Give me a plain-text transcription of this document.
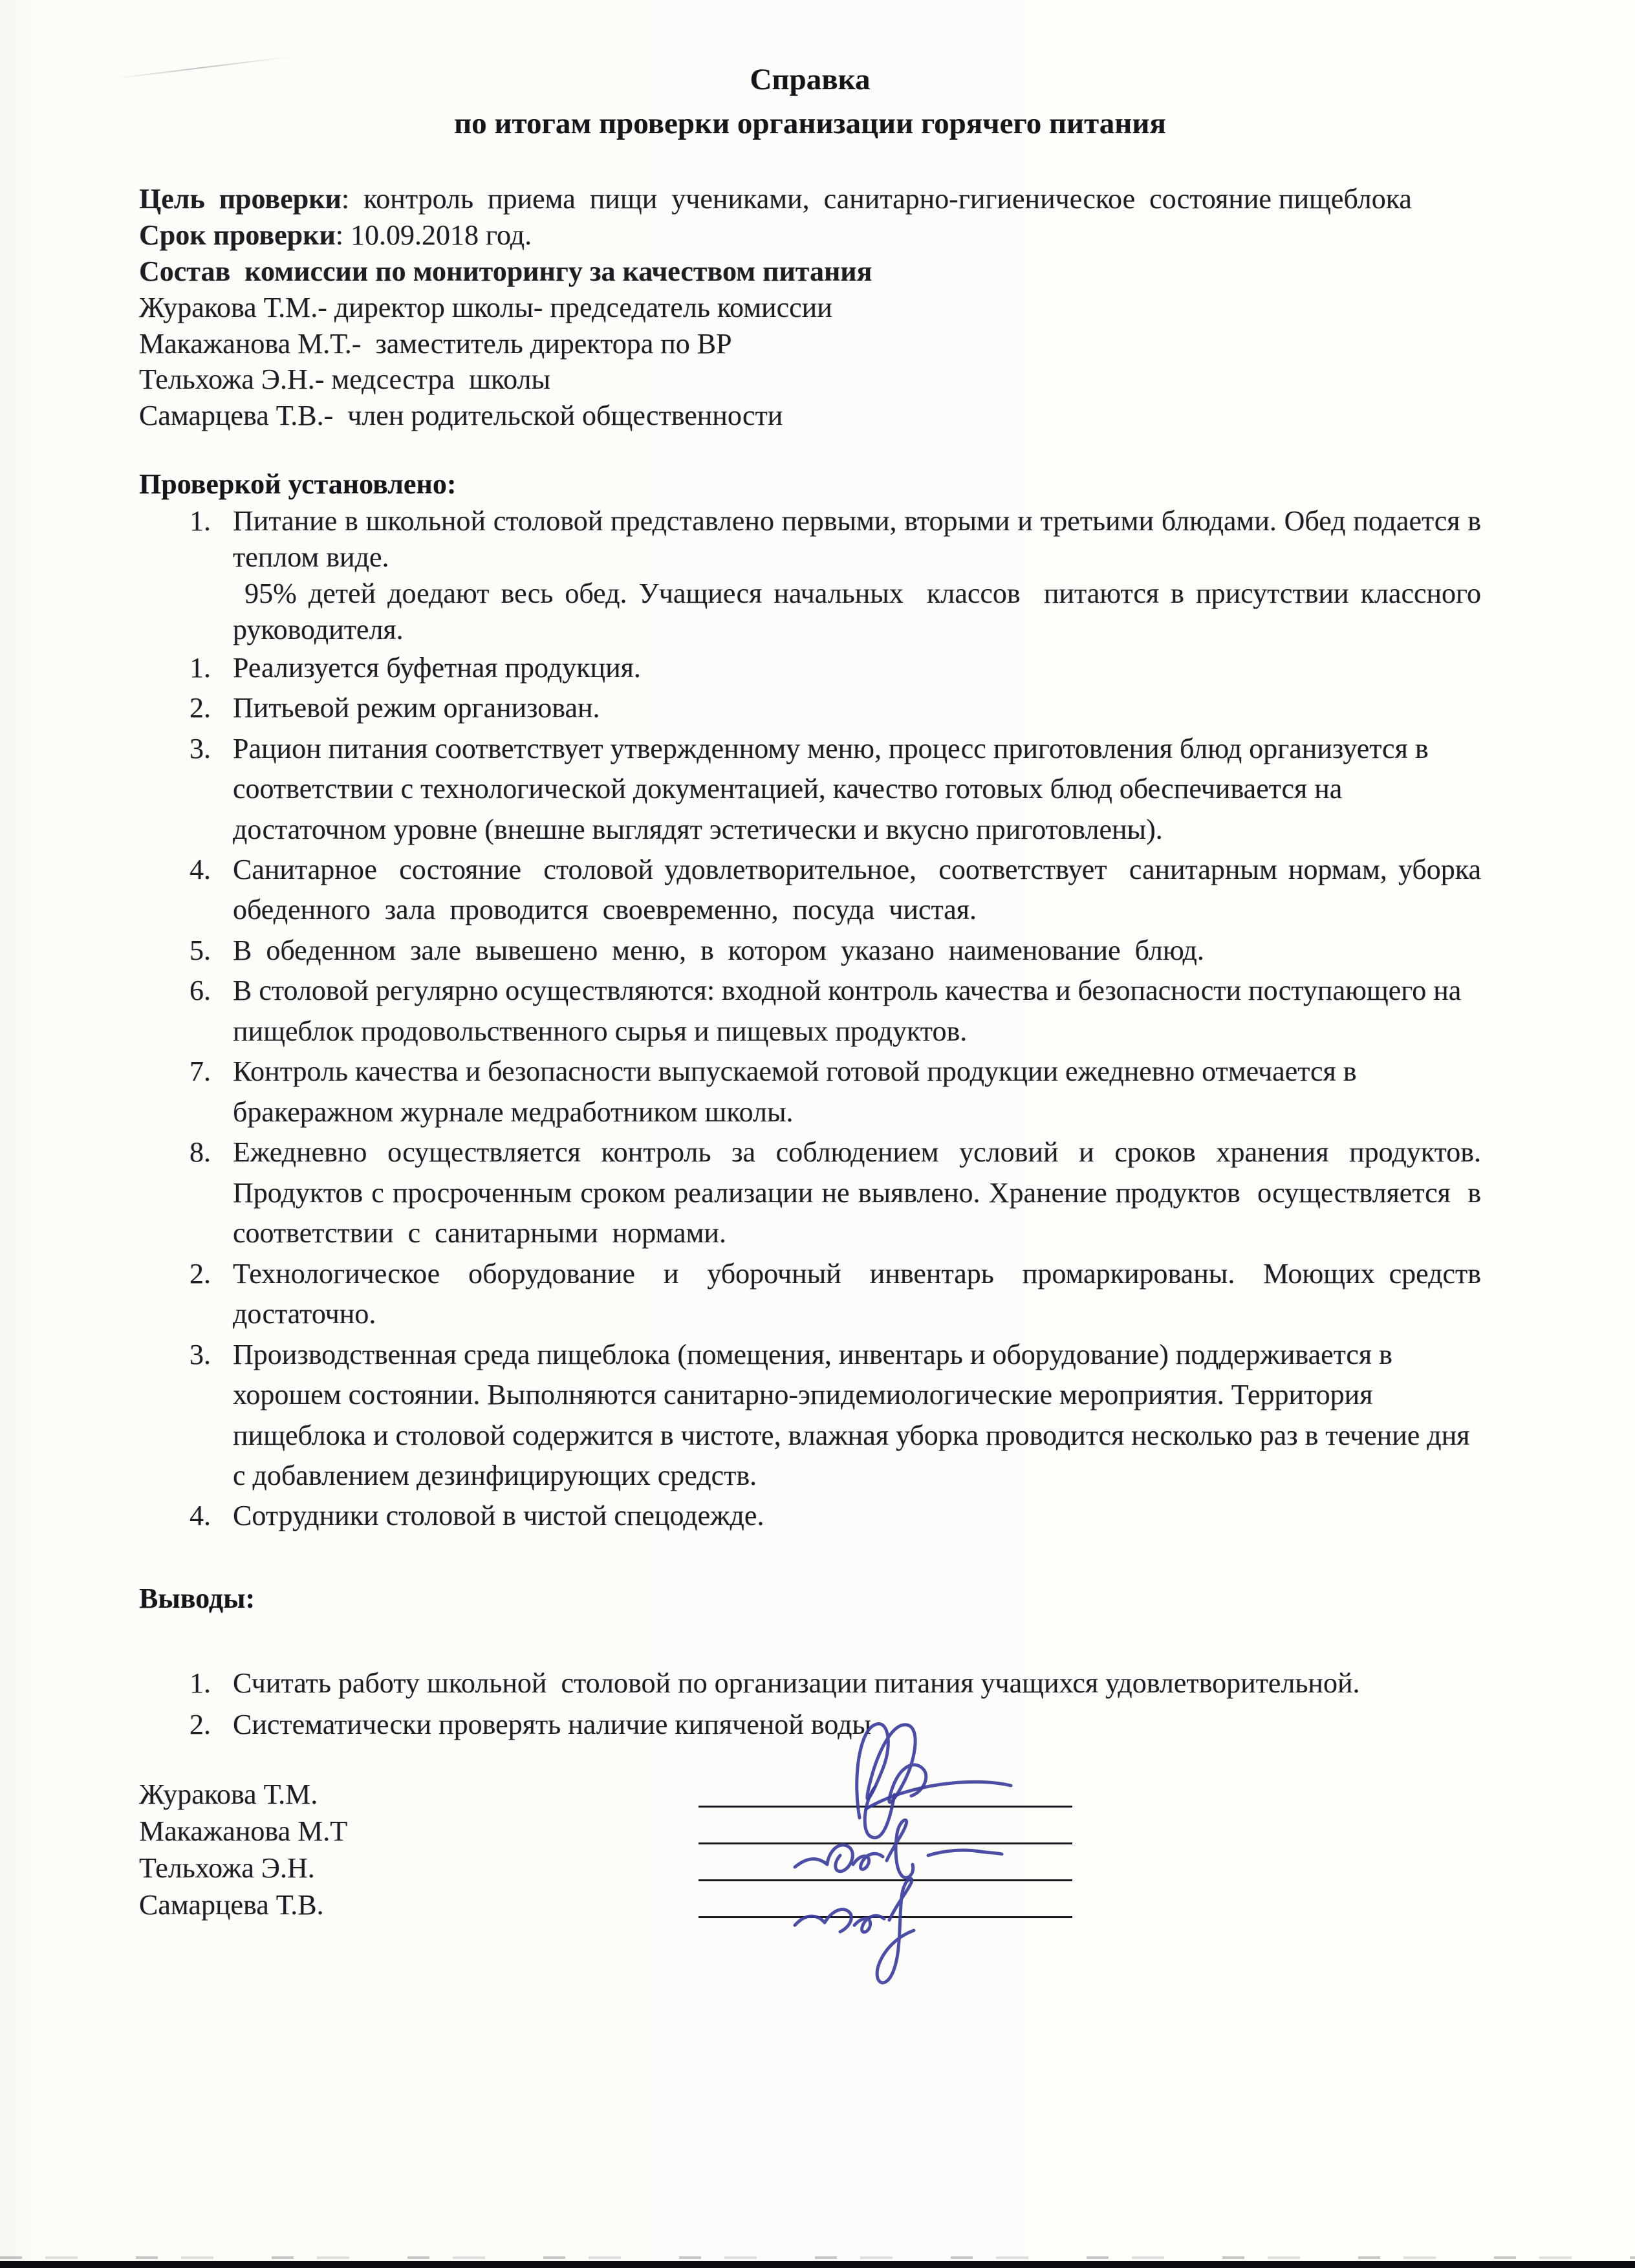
Справка
по итогам проверки организации горячего питания

Цель  проверки:  контроль  приема  пищи  учениками,  санитарно-гигиеническое  состояние пищеблока

Срок проверки: 10.09.2018 год.

Состав  комиссии по мониторингу за качеством питания

Журакова Т.М.- директор школы- председатель комиссии

Макажанова М.Т.-  заместитель директора по ВР

Тельхожа Э.Н.- медсестра  школы

Самарцева Т.В.-  член родительской общественности

Проверкой установлено:

1. Питание в школьной столовой представлено первыми, вторыми и третьими блюдами. Обед подается в теплом виде.

95% детей доедают весь обед. Учащиеся начальных  классов  питаются в присутствии классного руководителя.

1. Реализуется буфетная продукция.

2. Питьевой режим организован.

3. Рацион питания соответствует утвержденному меню, процесс приготовления блюд организуется в соответствии с технологической документацией, качество готовых блюд обеспечивается на достаточном уровне (внешне выглядят эстетически и вкусно приготовлены).

4. Санитарное  состояние  столовой удовлетворительное,  соответствует  санитарным нормам, уборка  обеденного  зала  проводится  своевременно,  посуда  чистая.

5. В  обеденном  зале  вывешено  меню,  в  котором  указано  наименование  блюд.

6. В столовой регулярно осуществляются: входной контроль качества и безопасности поступающего на пищеблок продовольственного сырья и пищевых продуктов.

7. Контроль качества и безопасности выпускаемой готовой продукции ежедневно отмечается в бракеражном журнале медработником школы.

8. Ежедневно осуществляется контроль за соблюдением условий и сроков хранения продуктов.  Продуктов с просроченным сроком реализации не выявлено. Хранение продуктов  осуществляется  в  соответствии  с  санитарными  нормами.

2. Технологическое  оборудование  и  уборочный  инвентарь  промаркированы.  Моющих средств  достаточно.

3. Производственная среда пищеблока (помещения, инвентарь и оборудование) поддерживается в хорошем состоянии. Выполняются санитарно-эпидемиологические мероприятия. Территория пищеблока и столовой содержится в чистоте, влажная уборка проводится несколько раз в течение дня с добавлением дезинфицирующих средств.

4. Сотрудники столовой в чистой спецодежде.

Выводы:

1. Считать работу школьной  столовой по организации питания учащихся удовлетворительной.

2. Систематически проверять наличие кипяченой воды

Журакова Т.М.
Макажанова М.Т
Тельхожа Э.Н.
Самарцева Т.В.
